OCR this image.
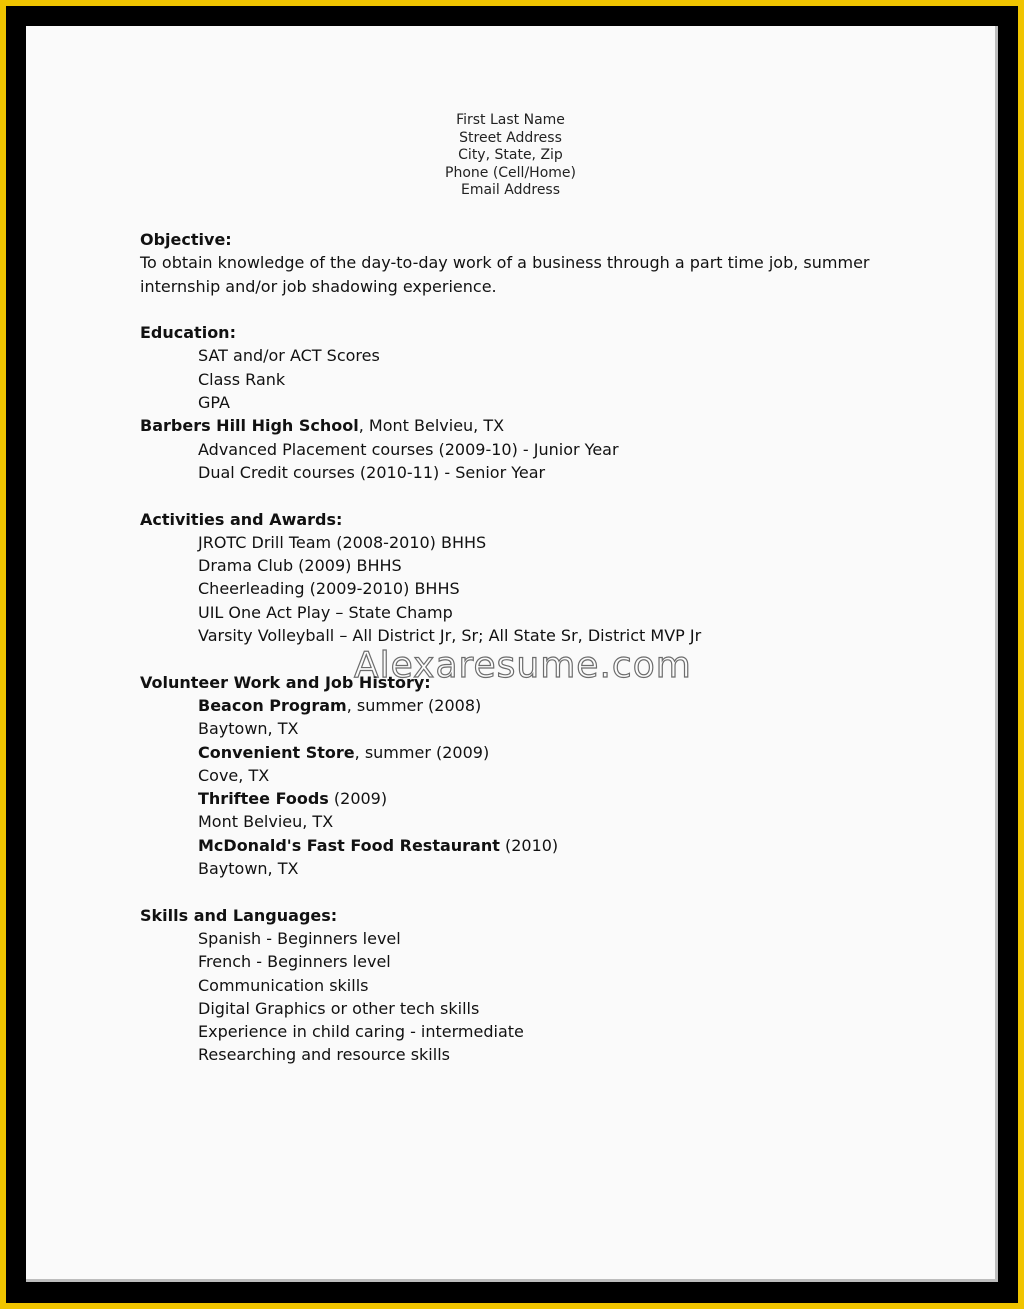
First Last Name
Street Address
City, State, Zip
Phone (Cell/Home)
Email Address

Objective:

To obtain knowledge of the day-to-day work of a business through a part time job, summer

internship and/or job shadowing experience.

Education:

SAT and/or ACT Scores

Class Rank

GPA

Barbers Hill High School, Mont Belvieu, TX

Advanced Placement courses (2009-10) - Junior Year

Dual Credit courses (2010-11) - Senior Year

Activities and Awards:

JROTC Drill Team (2008-2010) BHHS

Drama Club (2009) BHHS

Cheerleading (2009-2010) BHHS

UIL One Act Play – State Champ

Varsity Volleyball – All District Jr, Sr; All State Sr, District MVP Jr

Volunteer Work and Job History:

Beacon Program, summer (2008)

Baytown, TX

Convenient Store, summer (2009)

Cove, TX

Thriftee Foods (2009)

Mont Belvieu, TX

McDonald's Fast Food Restaurant (2010)

Baytown, TX

Skills and Languages:

Spanish - Beginners level

French - Beginners level

Communication skills

Digital Graphics or other tech skills

Experience in child caring - intermediate

Researching and resource skills

Alexaresume.com
